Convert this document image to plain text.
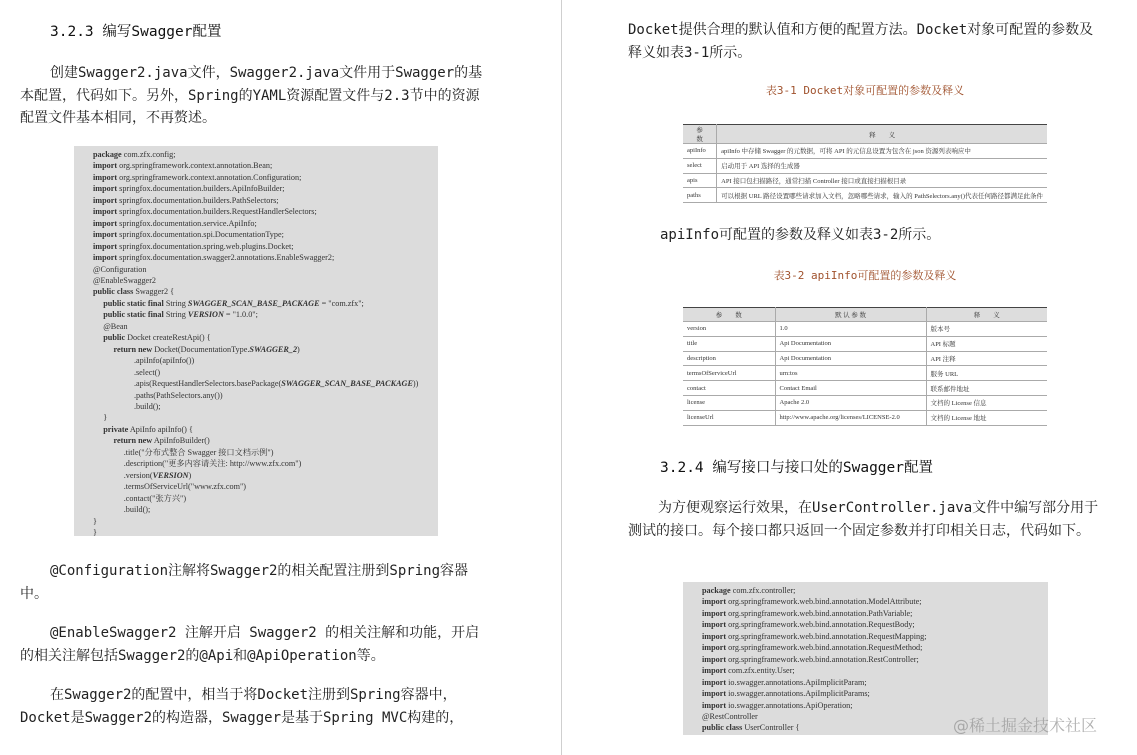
3.2.3 编写Swagger配置
创建Swagger2.java文件，Swagger2.java文件用于Swagger的基本配置，代码如下。另外，Spring的YAML资源配置文件与2.3节中的资源配置文件基本相同，不再赘述。
package com.zfx.config;
import org.springframework.context.annotation.Bean;
import org.springframework.context.annotation.Configuration;
import springfox.documentation.builders.ApiInfoBuilder;
import springfox.documentation.builders.PathSelectors;
import springfox.documentation.builders.RequestHandlerSelectors;
import springfox.documentation.service.ApiInfo;
import springfox.documentation.spi.DocumentationType;
import springfox.documentation.spring.web.plugins.Docket;
import springfox.documentation.swagger2.annotations.EnableSwagger2;
@Configuration
@EnableSwagger2
public class Swagger2 {
public static final String SWAGGER_SCAN_BASE_PACKAGE = "com.zfx";
public static final String VERSION = "1.0.0";
@Bean
public Docket createRestApi() {
return new Docket(DocumentationType.SWAGGER_2)
.apiInfo(apiInfo())
.select()
.apis(RequestHandlerSelectors.basePackage(SWAGGER_SCAN_BASE_PACKAGE))
.paths(PathSelectors.any())
.build();
}
private ApiInfo apiInfo() {
return new ApiInfoBuilder()
.title("分布式整合 Swagger 接口文档示例")
.description("更多内容请关注: http://www.zfx.com")
.version(VERSION)
.termsOfServiceUrl("www.zfx.com")
.contact("张方兴")
.build();
}
}
@Configuration注解将Swagger2的相关配置注册到Spring容器中。
@EnableSwagger2 注解开启 Swagger2 的相关注解和功能，开启的相关注解包括Swagger2的@Api和@ApiOperation等。
在Swagger2的配置中，相当于将Docket注册到Spring容器中，Docket是Swagger2的构造器，Swagger是基于Spring MVC构建的，
Docket提供合理的默认值和方便的配置方法。Docket对象可配置的参数及释义如表3-1所示。
表3-1 Docket对象可配置的参数及释义
参　　数	释　　义
apiInfo	apiInfo 中存储 Swagger 的元数据，可将 API 的元信息设置为包含在 json 资源列表响应中
select	启动用于 API 选择的生成器
apis	API 接口包扫描路径，通常扫描 Controller 接口或直接扫描根目录
paths	可以根据 URL 路径设置哪些请求加入文档，忽略哪些请求，输入的 PathSelectors.any()代表任何路径都满足此条件
apiInfo可配置的参数及释义如表3-2所示。
表3-2 apiInfo可配置的参数及释义
参　　数	默 认 参 数	释　　义
version	1.0	版本号
title	Api Documentation	API 标题
description	Api Documentation	API 注释
termsOfServiceUrl	urn:tos	服务 URL
contact	Contact Email	联系邮件地址
license	Apache 2.0	文档的 License 信息
licenseUrl	http://www.apache.org/licenses/LICENSE-2.0	文档的 License 地址
3.2.4 编写接口与接口处的Swagger配置
为方便观察运行效果，在UserController.java文件中编写部分用于测试的接口。每个接口都只返回一个固定参数并打印相关日志，代码如下。
package com.zfx.controller;
import org.springframework.web.bind.annotation.ModelAttribute;
import org.springframework.web.bind.annotation.PathVariable;
import org.springframework.web.bind.annotation.RequestBody;
import org.springframework.web.bind.annotation.RequestMapping;
import org.springframework.web.bind.annotation.RequestMethod;
import org.springframework.web.bind.annotation.RestController;
import com.zfx.entity.User;
import io.swagger.annotations.ApiImplicitParam;
import io.swagger.annotations.ApiImplicitParams;
import io.swagger.annotations.ApiOperation;
@RestController
public class UserController {	@稀土掘金技术社区
